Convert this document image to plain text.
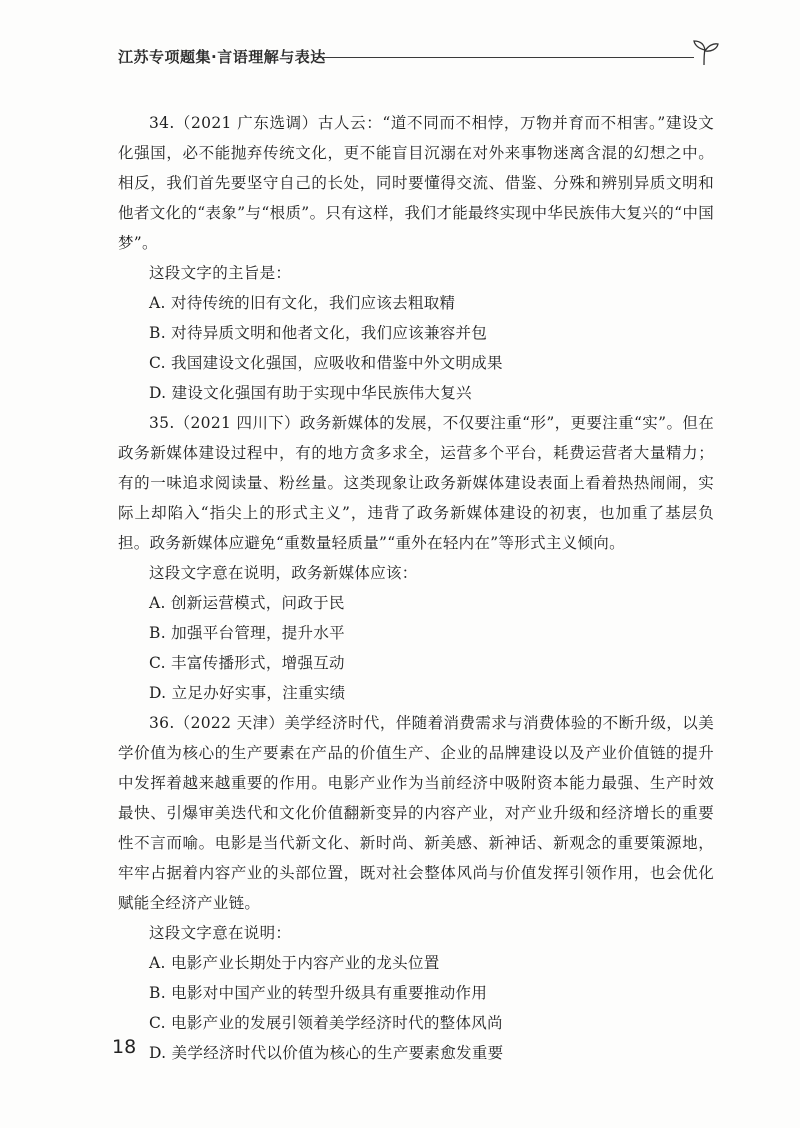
江苏专项题集·言语理解与表达

34.（2021 广东选调）古人云：“道不同而不相悖，万物并育而不相害。”建设文化强国，必不能抛弃传统文化，更不能盲目沉溺在对外来事物迷离含混的幻想之中。相反，我们首先要坚守自己的长处，同时要懂得交流、借鉴、分殊和辨别异质文明和他者文化的“表象”与“根质”。只有这样，我们才能最终实现中华民族伟大复兴的“中国梦”。

这段文字的主旨是：

A. 对待传统的旧有文化，我们应该去粗取精
B. 对待异质文明和他者文化，我们应该兼容并包
C. 我国建设文化强国，应吸收和借鉴中外文明成果
D. 建设文化强国有助于实现中华民族伟大复兴

35.（2021 四川下）政务新媒体的发展，不仅要注重“形”，更要注重“实”。但在政务新媒体建设过程中，有的地方贪多求全，运营多个平台，耗费运营者大量精力；有的一味追求阅读量、粉丝量。这类现象让政务新媒体建设表面上看着热热闹闹，实际上却陷入“指尖上的形式主义”，违背了政务新媒体建设的初衷，也加重了基层负担。政务新媒体应避免“重数量轻质量”“重外在轻内在”等形式主义倾向。

这段文字意在说明，政务新媒体应该：

A. 创新运营模式，问政于民
B. 加强平台管理，提升水平
C. 丰富传播形式，增强互动
D. 立足办好实事，注重实绩

36.（2022 天津）美学经济时代，伴随着消费需求与消费体验的不断升级，以美学价值为核心的生产要素在产品的价值生产、企业的品牌建设以及产业价值链的提升中发挥着越来越重要的作用。电影产业作为当前经济中吸附资本能力最强、生产时效最快、引爆审美迭代和文化价值翻新变异的内容产业，对产业升级和经济增长的重要性不言而喻。电影是当代新文化、新时尚、新美感、新神话、新观念的重要策源地，牢牢占据着内容产业的头部位置，既对社会整体风尚与价值发挥引领作用，也会优化赋能全经济产业链。

这段文字意在说明：

A. 电影产业长期处于内容产业的龙头位置
B. 电影对中国产业的转型升级具有重要推动作用
C. 电影产业的发展引领着美学经济时代的整体风尚
D. 美学经济时代以价值为核心的生产要素愈发重要
18
